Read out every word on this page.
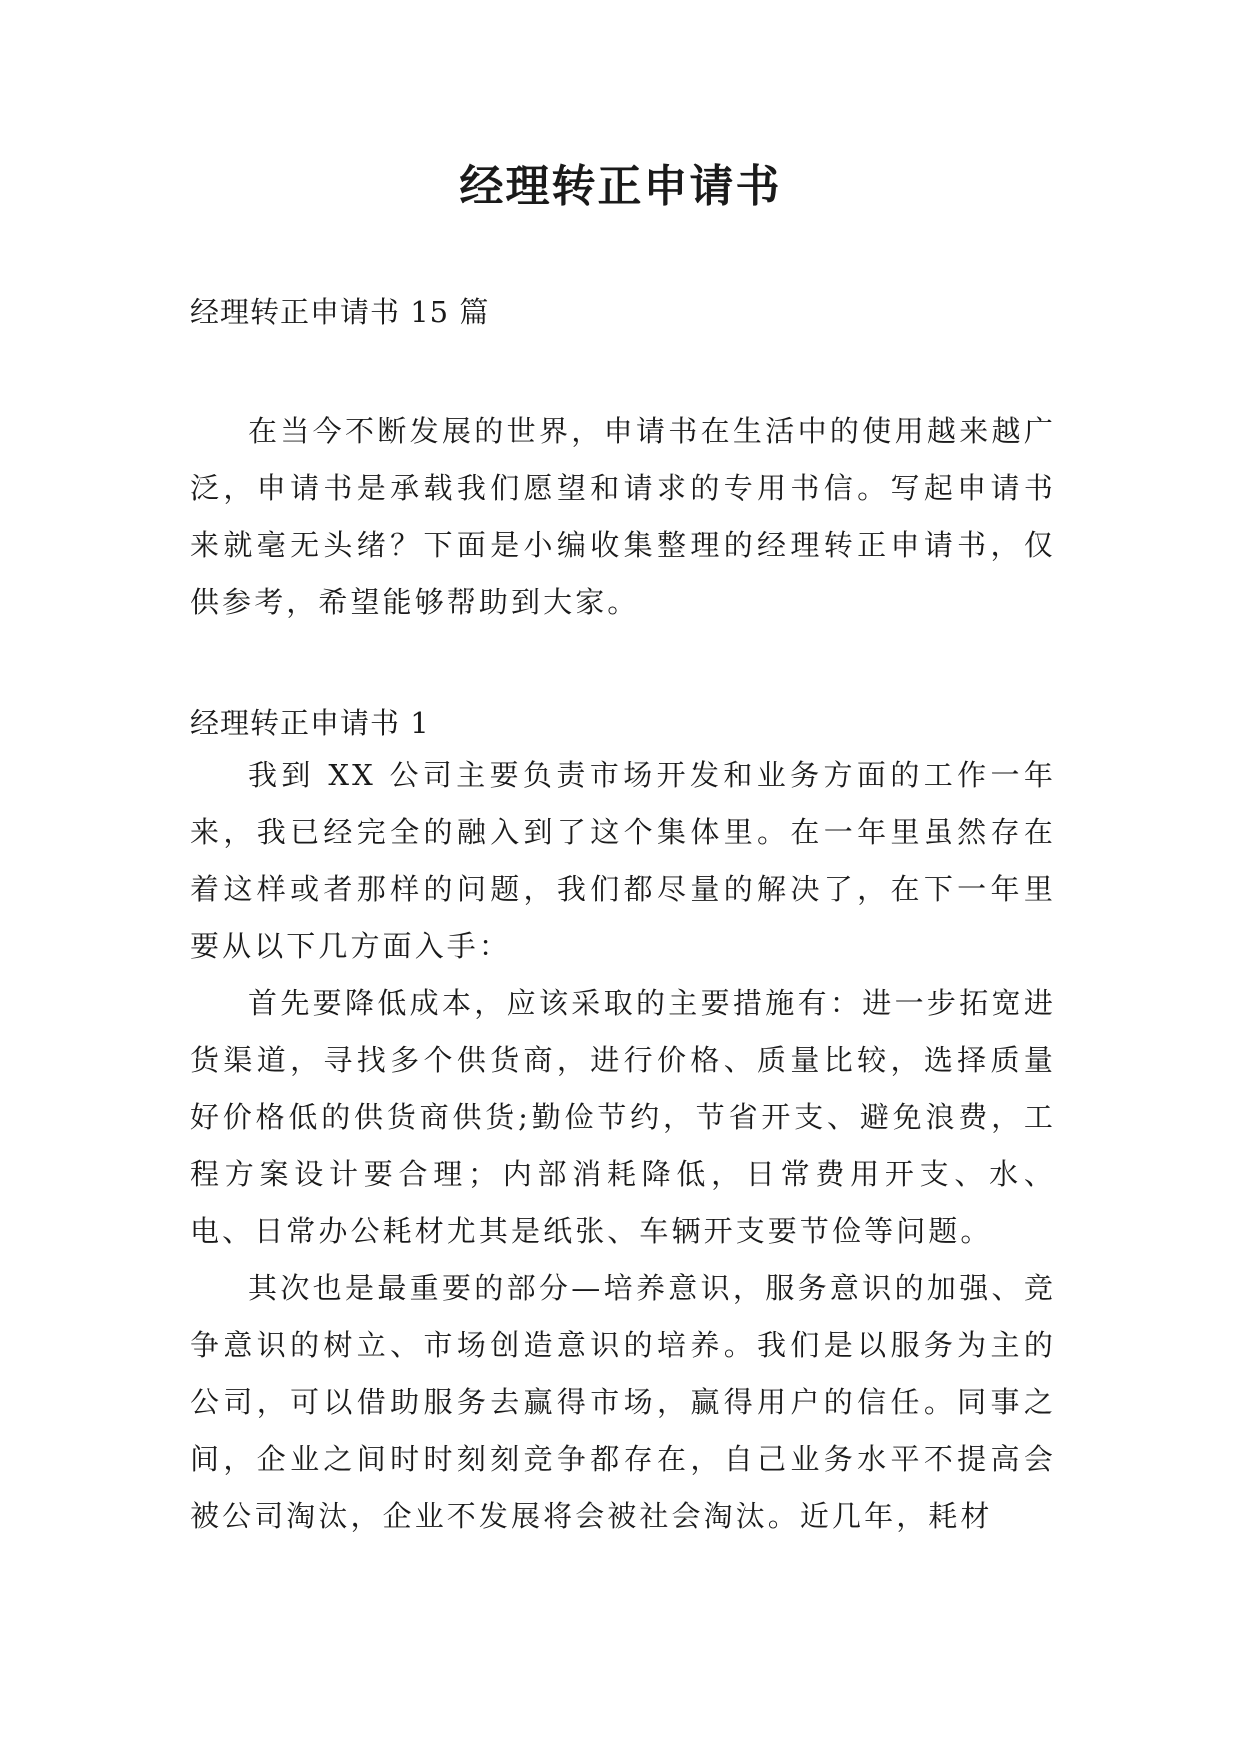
经理转正申请书

经理转正申请书 15 篇

在当今不断发展的世界，申请书在生活中的使用越来越广泛，申请书是承载我们愿望和请求的专用书信。写起申请书来就毫无头绪？下面是小编收集整理的经理转正申请书，仅供参考，希望能够帮助到大家。

经理转正申请书 1

我到 XX 公司主要负责市场开发和业务方面的工作一年来，我已经完全的融入到了这个集体里。在一年里虽然存在着这样或者那样的问题，我们都尽量的解决了，在下一年里要从以下几方面入手：

首先要降低成本，应该采取的主要措施有：进一步拓宽进货渠道，寻找多个供货商，进行价格、质量比较，选择质量好价格低的供货商供货;勤俭节约，节省开支、避免浪费，工程方案设计要合理；内部消耗降低，日常费用开支、水、电、日常办公耗材尤其是纸张、车辆开支要节俭等问题。

其次也是最重要的部分—培养意识，服务意识的加强、竞争意识的树立、市场创造意识的培养。我们是以服务为主的公司，可以借助服务去赢得市场，赢得用户的信任。同事之间，企业之间时时刻刻竞争都存在，自己业务水平不提高会被公司淘汰，企业不发展将会被社会淘汰。近几年，耗材
